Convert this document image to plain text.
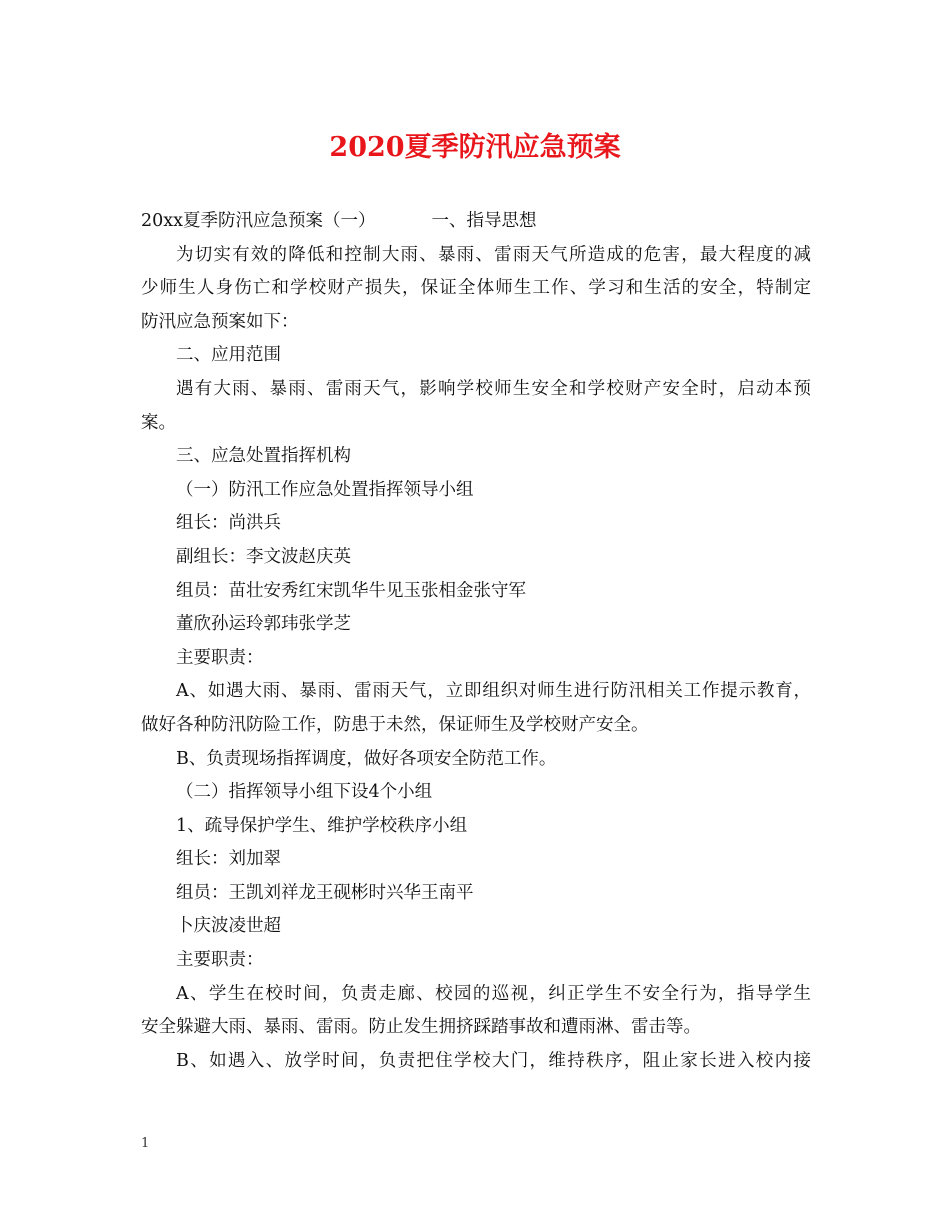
2020夏季防汛应急预案

20xx夏季防汛应急预案（一）	一、指导思想

为切实有效的降低和控制大雨、暴雨、雷雨天气所造成的危害，最大程度的减

少师生人身伤亡和学校财产损失，保证全体师生工作、学习和生活的安全，特制定

防汛应急预案如下：

二、应用范围

遇有大雨、暴雨、雷雨天气，影响学校师生安全和学校财产安全时，启动本预

案。

三、应急处置指挥机构

（一）防汛工作应急处置指挥领导小组

组长：尚洪兵

副组长：李文波赵庆英

组员：苗壮安秀红宋凯华牛见玉张相金张守军

董欣孙运玲郭玮张学芝

主要职责：

A、如遇大雨、暴雨、雷雨天气，立即组织对师生进行防汛相关工作提示教育，

做好各种防汛防险工作，防患于未然，保证师生及学校财产安全。

B、负责现场指挥调度，做好各项安全防范工作。

（二）指挥领导小组下设4个小组

1、疏导保护学生、维护学校秩序小组

组长：刘加翠

组员：王凯刘祥龙王砚彬时兴华王南平

卜庆波凌世超

主要职责：

A、学生在校时间，负责走廊、校园的巡视，纠正学生不安全行为，指导学生

安全躲避大雨、暴雨、雷雨。防止发生拥挤踩踏事故和遭雨淋、雷击等。

B、如遇入、放学时间，负责把住学校大门，维持秩序，阻止家长进入校内接

1
